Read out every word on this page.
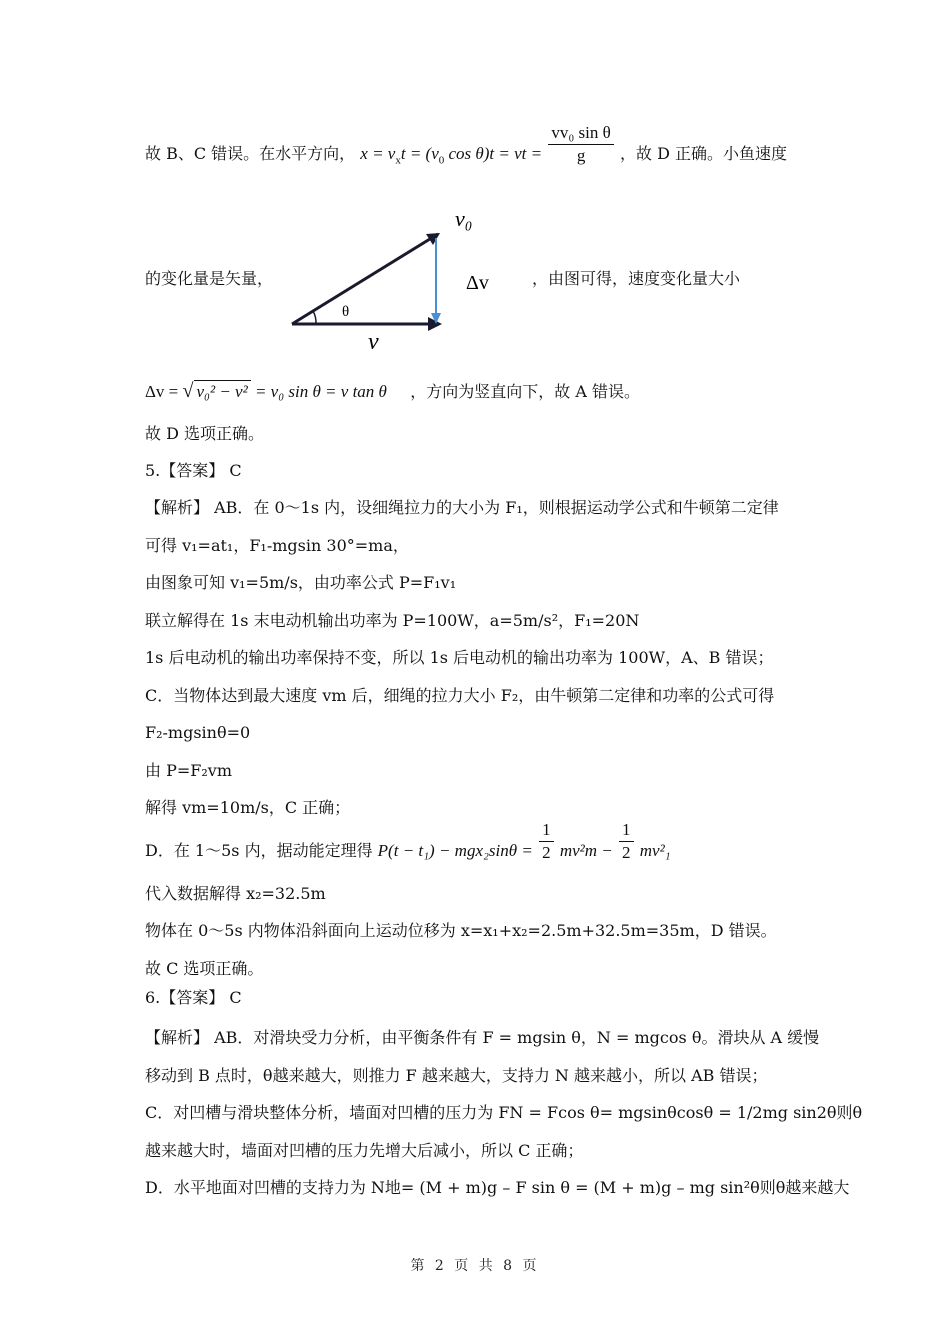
故 B、C 错误。在水平方向， $x = v_xt = (v_0$ cos θ)t = vt = $\frac{\text{vv₀ sin θ}}{g}$ ，故 D 正确。小鱼速度
的变化量是矢量，
v₀
Δv
θ
v
，由图可得，速度变化量大小
Δv = √ v₀² − v² = v₀ sin θ = v tan θ ，方向为竖直向下，故 A 错误。
故 D 选项正确。
5.【答案】 C
【解析】 AB．在 0～1s 内，设细绳拉力的大小为 F₁，则根据运动学公式和牛顿第二定律
可得 v₁=at₁，F₁-mgsin 30°=ma，
由图象可知 v₁=5m/s，由功率公式 P=F₁v₁
联立解得在 1s 末电动机输出功率为 P=100W，a=5m/s²，F₁=20N
1s 后电动机的输出功率保持不变，所以 1s 后电动机的输出功率为 100W，A、B 错误；
C．当物体达到最大速度 vm 后，细绳的拉力大小 F₂，由牛顿第二定律和功率的公式可得
F₂-mgsinθ=0
由 P=F₂vm
解得 vm=10m/s，C 正确；
D．在 1～5s 内，据动能定理得 $P(t - t_1) - mgx_2\sin\theta = \frac{1}{2} mv^2m - \frac{1}{2} mv^2_1$
代入数据解得 x₂=32.5m
物体在 0～5s 内物体沿斜面向上运动位移为 x=x₁+x₂=2.5m+32.5m=35m，D 错误。
故 C 选项正确。
6.【答案】 C
【解析】 AB．对滑块受力分析，由平衡条件有 F = mgsin θ，N = mgcos θ。滑块从 A 缓慢
移动到 B 点时，θ越来越大，则推力 F 越来越大，支持力 N 越来越小，所以 AB 错误；
C．对凹槽与滑块整体分析，墙面对凹槽的压力为 FN = Fcos θ= mgsinθcosθ = 1/2mg sin2θ则θ
越来越大时，墙面对凹槽的压力先增大后减小，所以 C 正确；
D．水平地面对凹槽的支持力为 N地= (M + m)g – F sin θ = (M + m)g – mg sin²θ则θ越来越大
第 2 页 共 8 页
